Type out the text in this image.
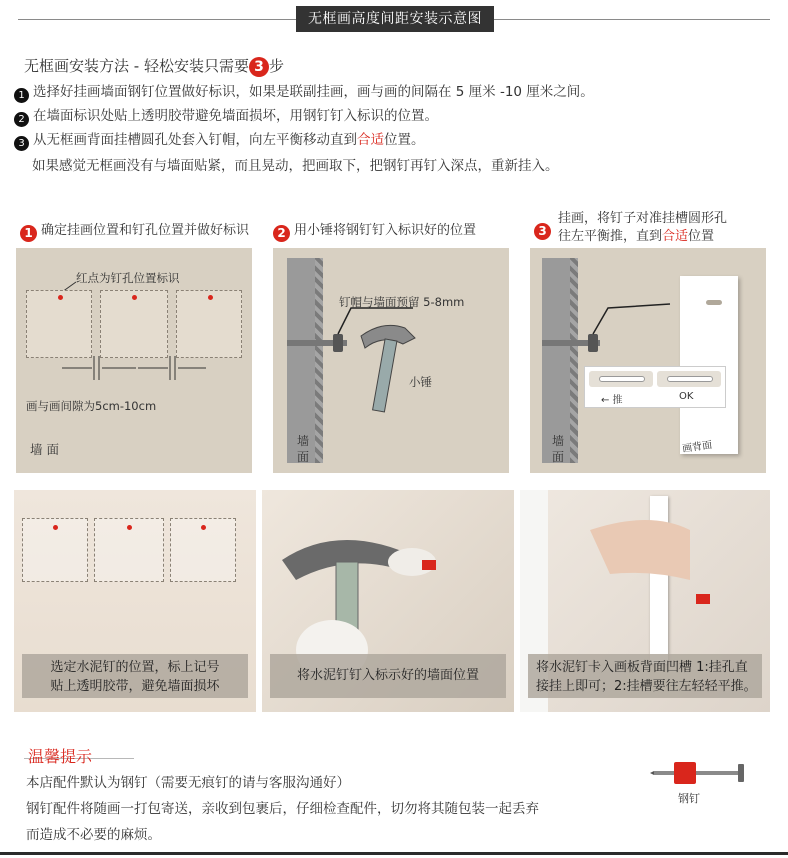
无框画高度间距安装示意图
无框画安装方法 - 轻松安装只需要 3 步
1 选择好挂画墙面钢钉位置做好标识，如果是联副挂画，画与画的间隔在 5 厘米 -10 厘米之间。
2 在墙面标识处贴上透明胶带避免墙面损坏，用钢钉钉入标识的位置。
3 从无框画背面挂槽圆孔处套入钉帽，向左平衡移动直到合适位置。
如果感觉无框画没有与墙面贴紧，而且晃动，把画取下，把钢钉再钉入深点，重新挂入。
1 确定挂画位置和钉孔位置并做好标识	2 用小锤将钢钉钉入标识好的位置	3
挂画，将钉子对准挂槽圆形孔
往左平衡推，直到合适位置
红点为钉孔位置标识
画与画间隙为5cm-10cm
墙 面
墙
面
钉帽与墙面预留 5-8mm
小锤
墙
面
画背面
← 推	OK
选定水泥钉的位置，标上记号
贴上透明胶带，避免墙面损坏
将水泥钉钉入标示好的墙面位置
将水泥钉卡入画板背面凹槽 1:挂孔直
接挂上即可；2:挂槽要往左轻轻平推。
温馨提示
本店配件默认为钢钉（需要无痕钉的请与客服沟通好）
钢钉配件将随画一打包寄送，亲收到包裹后，仔细检查配件，切勿将其随包装一起丢弃
而造成不必要的麻烦。
钢钉
